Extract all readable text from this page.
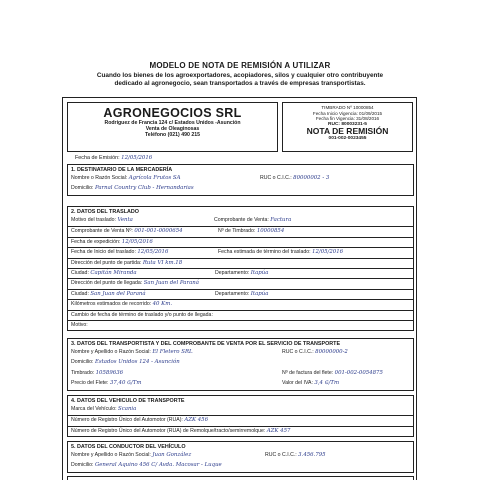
MODELO DE NOTA DE REMISIÓN A UTILIZAR
Cuando los bienes de los agroexportadores, acopiadores, silos y cualquier otro contribuyente
dedicado al agronegocio, sean transportados a través de empresas transportistas.
AGRONEGOCIOS SRL
Rodriguez de Francia 124 c/ Estados Unidos -Asunción
Venta de Oleaginosas
Teléfono (021) 490 215
TIMBRADO Nº 10000854
Fecha Inicio Vigencia: 01/09/2015
Fecha fin Vigencia: 31/08/2016
RUC: 80003231-5
NOTA DE REMISIÓN
001-002-0023455
Fecha de Emisión: 12/05/2016
1. DESTINATARIO DE LA MERCADERÍA
Nombre o Razón Social: Agrícola Frutos SA	RUC o C.I.C.: 80000002 - 3
Domicilio: Parnal Country Club - Hernandarias
2. DATOS DEL TRASLADO
Motivo del traslado: Venta	Comprobante de Venta: Factura
Comprobante de Venta Nº: 001-001-0000654	Nº de Timbrado: 10000854
Fecha de expedición: 12/05/2016
Fecha de Inicio del traslado: 12/05/2016	Fecha estimada de término del traslado: 12/05/2016
Dirección del punto de partida: Ruta VI km.18
Ciudad: Capitán Miranda	Departamento: Itapúa
Dirección del punto de llegada: San Juan del Paraná
Ciudad: San Juan del Paraná	Departamento: Itapúa
Kilómetros estimados de recorrido: 40 Km.
Cambio de fecha de término de traslado y/o punto de llegada:
Motivo:
3. DATOS DEL TRANSPORTISTA Y DEL COMPROBANTE DE VENTA POR EL SERVICIO DE TRANSPORTE
Nombre y Apellido o Razón Social: El Fletero SRL	RUC o C.I.C.: 80000000-2
Domicilio: Estados Unidos 124 - Asunción
Timbrado: 10589636	Nº de factura del flete: 001-002-0054875
Precio del Flete: 37,40 ₲/Tm	Valor del IVA: 3,4 ₲/Tm
4. DATOS DEL VEHICULO DE TRANSPORTE
Marca del Vehículo: Scania
Número de Registro Único del Automotor (RUA): AZK 456
Número de Registro Único del Automotor (RUA) de Remolque/tracto/semirremolque: AZK 457
5. DATOS DEL CONDUCTOR DEL VEHÍCULO
Nombre y Apellido o Razón Social: Juan González	RUC o C.I.C.: 3.456.795
Domicilio: General Aquino 456 C/ Avda. Macosar - Luque
